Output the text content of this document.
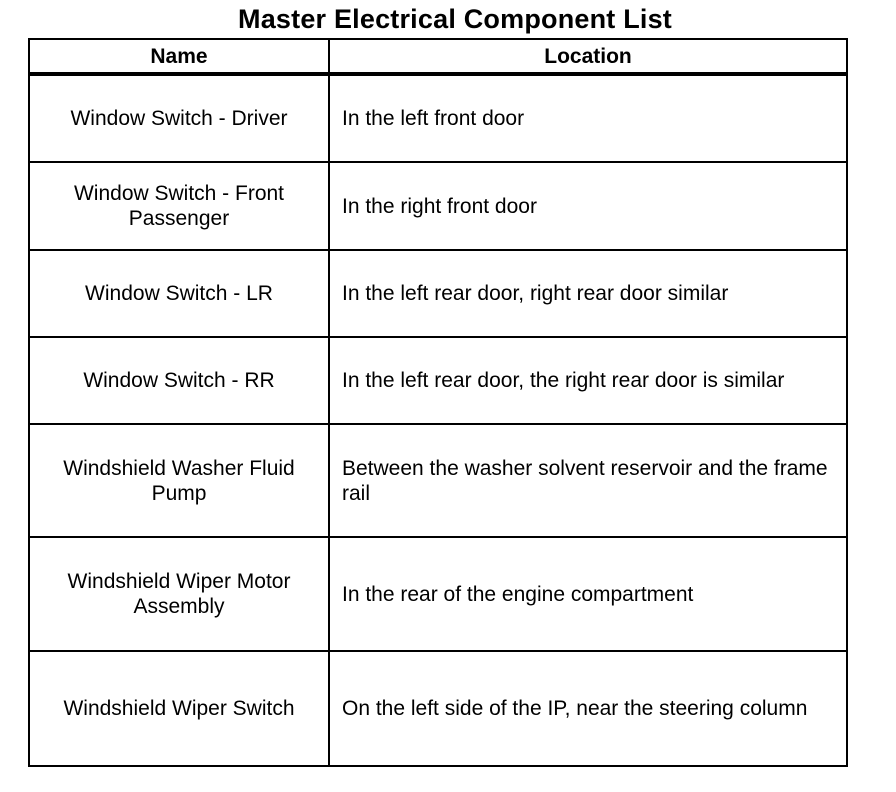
Master Electrical Component List
Name	Location
Window Switch - Driver	In the left front door
Window Switch - Front Passenger	In the right front door
Window Switch - LR	In the left rear door, right rear door similar
Window Switch - RR	In the left rear door, the right rear door is similar
Windshield Washer Fluid Pump	Between the washer solvent reservoir and the frame rail
Windshield Wiper Motor Assembly	In the rear of the engine compartment
Windshield Wiper Switch	On the left side of the IP, near the steering column
